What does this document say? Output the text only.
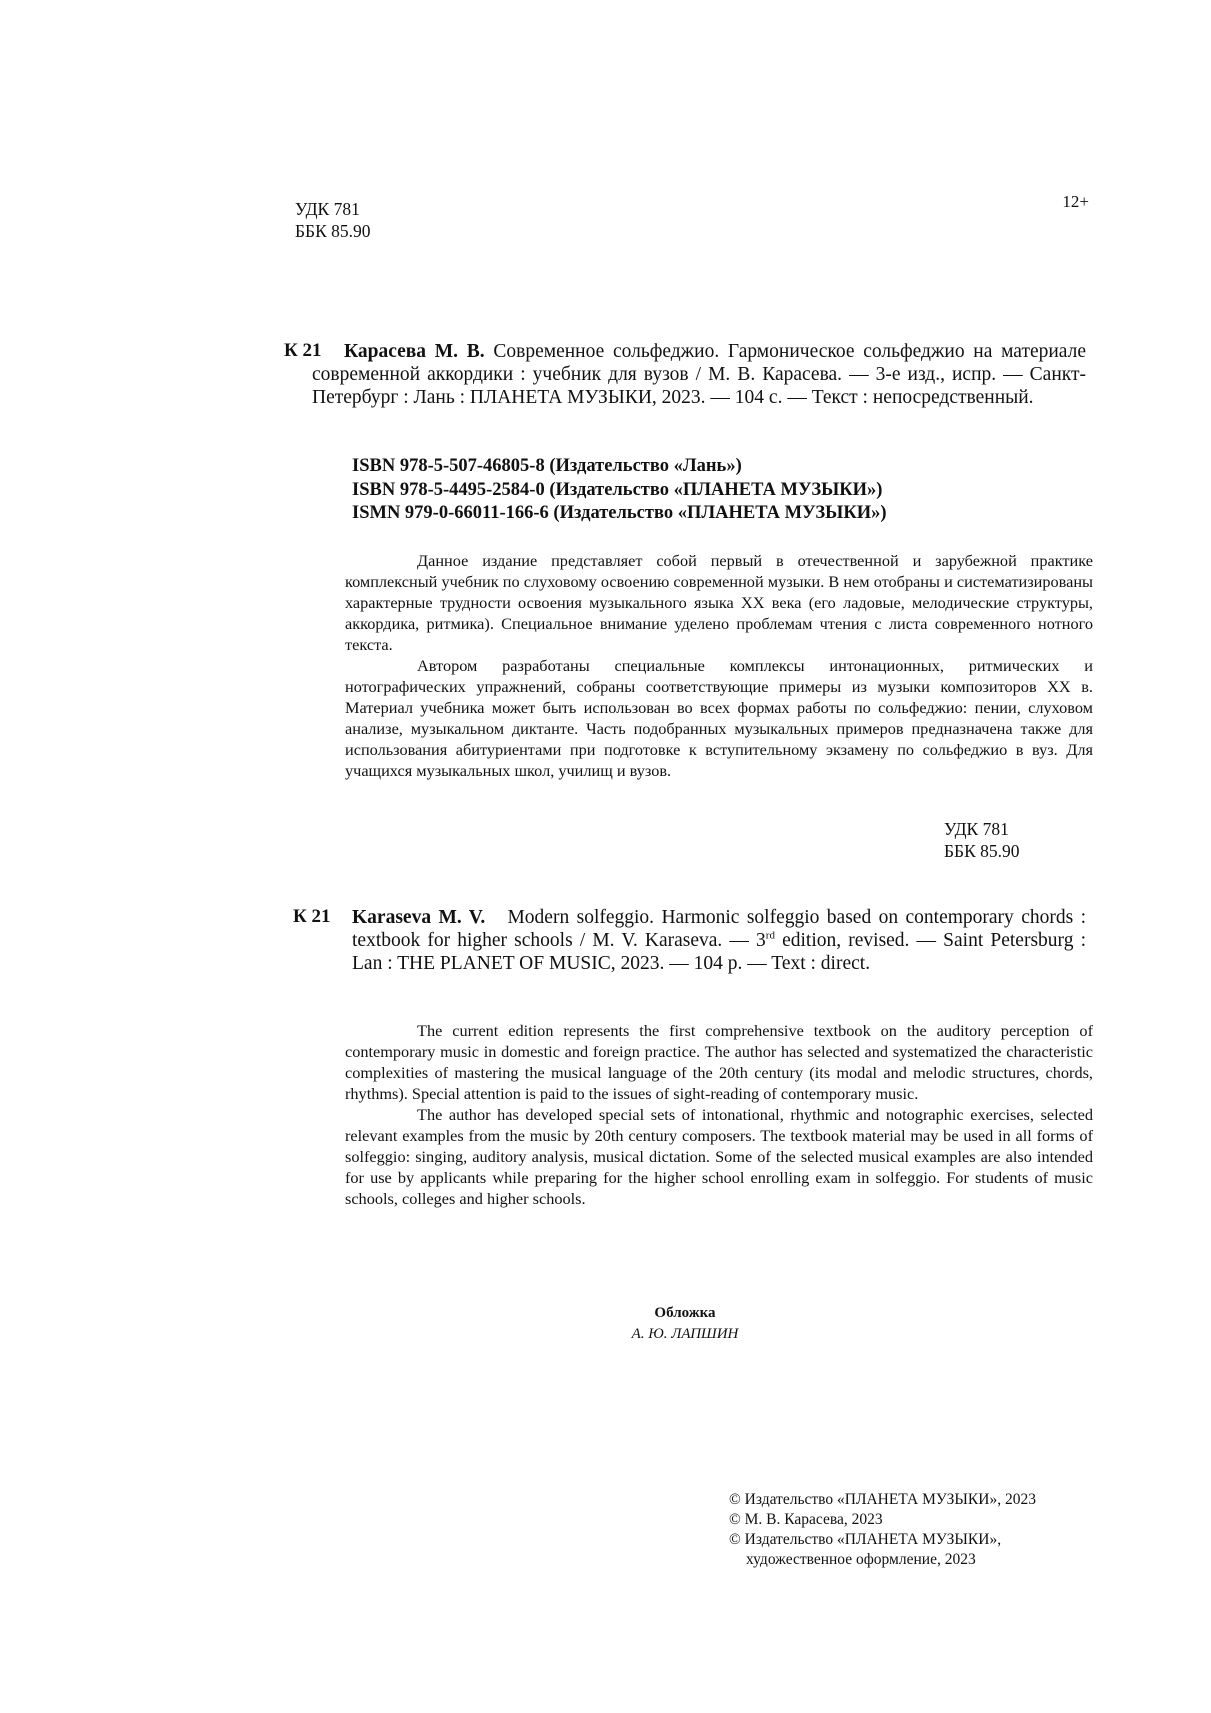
УДК 781
ББК 85.90
12+
К 21	Карасева М. В. Современное сольфеджио. Гармоническое сольфеджио на материале современной аккордики : учебник для вузов / М. В. Карасева. — 3-е изд., испр. — Санкт-Петербург : Лань : ПЛАНЕТА МУЗЫКИ, 2023. — 104 с. — Текст : непосредственный.
ISBN 978-5-507-46805-8 (Издательство «Лань»)
ISBN 978-5-4495-2584-0 (Издательство «ПЛАНЕТА МУЗЫКИ»)
ISMN 979-0-66011-166-6 (Издательство «ПЛАНЕТА МУЗЫКИ»)

Данное издание представляет собой первый в отечественной и зарубежной практике комплексный учебник по слуховому освоению современной музыки. В нем отобраны и систематизированы характерные трудности освоения музыкального языка XX века (его ладовые, мелодические структуры, аккордика, ритмика). Специальное внимание уделено проблемам чтения с листа современного нотного текста.

Автором разработаны специальные комплексы интонационных, ритмических и нотографических упражнений, собраны соответствующие примеры из музыки композиторов XX в. Материал учебника может быть использован во всех формах работы по сольфеджио: пении, слуховом анализе, музыкальном диктанте. Часть подобранных музыкальных примеров предназначена также для использования абитуриентами при подготовке к вступительному экзамену по сольфеджио в вуз. Для учащихся музыкальных школ, училищ и вузов.

УДК 781
ББК 85.90
К 21 Karaseva M. V. Modern solfeggio. Harmonic solfeggio based on contemporary chords : textbook for higher schools / M. V. Karaseva. — 3rd edition, revised. — Saint Petersburg : Lan : THE PLANET OF MUSIC, 2023. — 104 p. — Text : direct.

The current edition represents the first comprehensive textbook on the auditory perception of contemporary music in domestic and foreign practice. The author has selected and systematized the characteristic complexities of mastering the musical language of the 20th century (its modal and melodic structures, chords, rhythms). Special attention is paid to the issues of sight-reading of contemporary music.

The author has developed special sets of intonational, rhythmic and notographic exercises, selected relevant examples from the music by 20th century composers. The textbook material may be used in all forms of solfeggio: singing, auditory analysis, musical dictation. Some of the selected musical examples are also intended for use by applicants while preparing for the higher school enrolling exam in solfeggio. For students of music schools, colleges and higher schools.

Обложка
А. Ю. ЛАПШИН
© Издательство «ПЛАНЕТА МУЗЫКИ», 2023
© М. В. Карасева, 2023
© Издательство «ПЛАНЕТА МУЗЫКИ»,
художественное оформление, 2023
